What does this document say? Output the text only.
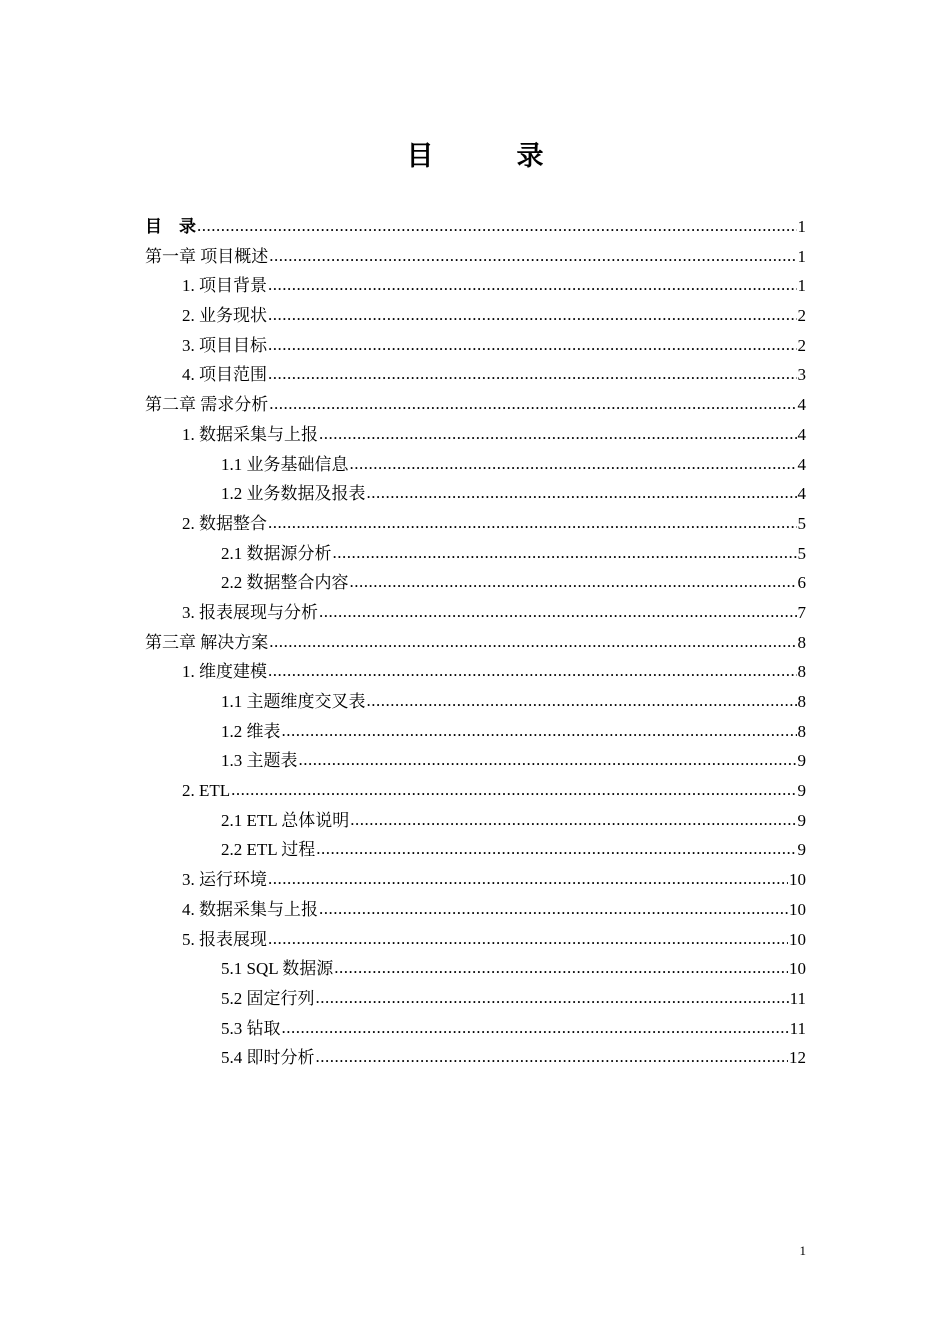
目　录
目　录 .....	1
第一章 项目概述 .....	1
1. 项目背景 .....	1
2. 业务现状 .....	2
3. 项目目标 .....	2
4. 项目范围 .....	3
第二章 需求分析 .....	4
1. 数据采集与上报 .....	4
1.1 业务基础信息 .....	4
1.2 业务数据及报表 .....	4
2. 数据整合 .....	5
2.1 数据源分析 .....	5
2.2 数据整合内容 .....	6
3. 报表展现与分析 .....	7
第三章 解决方案 .....	8
1. 维度建模 .....	8
1.1 主题维度交叉表 .....	8
1.2 维表 .....	8
1.3 主题表 .....	9
2. ETL .....	9
2.1 ETL 总体说明 .....	9
2.2 ETL 过程 .....	9
3. 运行环境 .....	10
4. 数据采集与上报 .....	10
5. 报表展现 .....	10
5.1 SQL 数据源 .....	10
5.2 固定行列 .....	11
5.3 钻取 .....	11
5.4 即时分析 .....	12
1
